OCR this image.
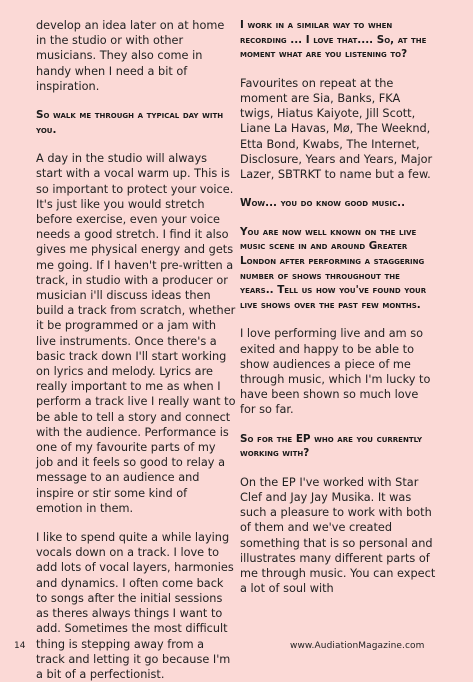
develop an idea later on at home in the studio or with other musicians. They also come in handy when I need a bit of inspiration.

So walk me through a typical day with you.

A day in the studio will always start with a vocal warm up. This is so important to protect your voice. It's just like you would stretch before exercise, even your voice needs a good stretch. I find it also gives me physical energy and gets me going. If I haven't pre-written a track, in studio with a producer or musician i'll discuss ideas then build a track from scratch, whether it be programmed or a jam with live instruments. Once there's a basic track down I'll start working on lyrics and melody. Lyrics are really important to me as when I perform a track live I really want to be able to tell a story and connect with the audience. Performance is one of my favourite parts of my job and it feels so good to relay a message to an audience and inspire or stir some kind of emotion in them.

I like to spend quite a while laying vocals down on a track. I love to add lots of vocal layers, harmonies and dynamics. I often come back to songs after the initial sessions as theres always things I want to add. Sometimes the most difficult thing is stepping away from a track and letting it go because I'm a bit of a perfectionist.

I work in a similar way to when recording ... I love that.... So, at the moment what are you listening to?

Favourites on repeat at the moment are Sia, Banks, FKA twigs, Hiatus Kaiyote, Jill Scott, Liane La Havas, Mø, The Weeknd, Etta Bond, Kwabs, The Internet, Disclosure, Years and Years, Major Lazer, SBTRKT to name but a few.

Wow... you do know good music..

You are now well known on the live music scene in and around Greater London after performing a staggering number of shows throughout the years.. Tell us how you've found your live shows over the past few months.

I love performing live and am so exited and happy to be able to show audiences a piece of me through music, which I'm lucky to have been shown so much love for so far.

So for the EP who are you currently working with?

On the EP I've worked with Star Clef and Jay Jay Musika. It was such a pleasure to work with both of them and we've created something that is so personal and illustrates many different parts of me through music. You can expect a lot of soul with

14	www.AudiationMagazine.com
